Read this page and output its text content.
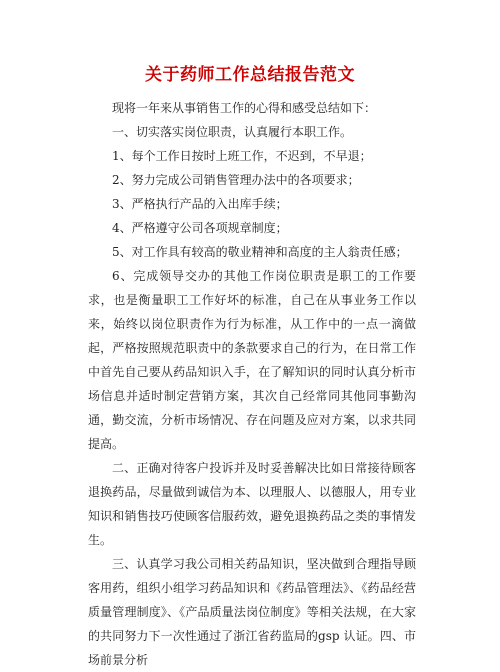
关于药师工作总结报告范文

现将一年来从事销售工作的心得和感受总结如下：

一、切实落实岗位职责，认真履行本职工作。

1、每个工作日按时上班工作，不迟到，不早退；

2、努力完成公司销售管理办法中的各项要求；

3、严格执行产品的入出库手续；

4、严格遵守公司各项规章制度；

5、对工作具有较高的敬业精神和高度的主人翁责任感；

6、完成领导交办的其他工作岗位职责是职工的工作要求，也是衡量职工工作好坏的标准，自己在从事业务工作以来，始终以岗位职责作为行为标准，从工作中的一点一滴做起，严格按照规范职责中的条款要求自己的行为，在日常工作中首先自己要从药品知识入手，在了解知识的同时认真分析市场信息并适时制定营销方案，其次自己经常同其他同事勤沟通，勤交流，分析市场情况、存在问题及应对方案，以求共同提高。

二、正确对待客户投诉并及时妥善解决比如日常接待顾客退换药品，尽量做到诚信为本、以理服人、以德服人，用专业知识和销售技巧使顾客信服药效，避免退换药品之类的事情发生。

三、认真学习我公司相关药品知识，坚决做到合理指导顾客用药，组织小组学习药品知识和《药品管理法》、《药品经营质量管理制度》、《产品质量法岗位制度》等相关法规，在大家的共同努力下一次性通过了浙江省药监局的gsp 认证。四、市场前景分析
